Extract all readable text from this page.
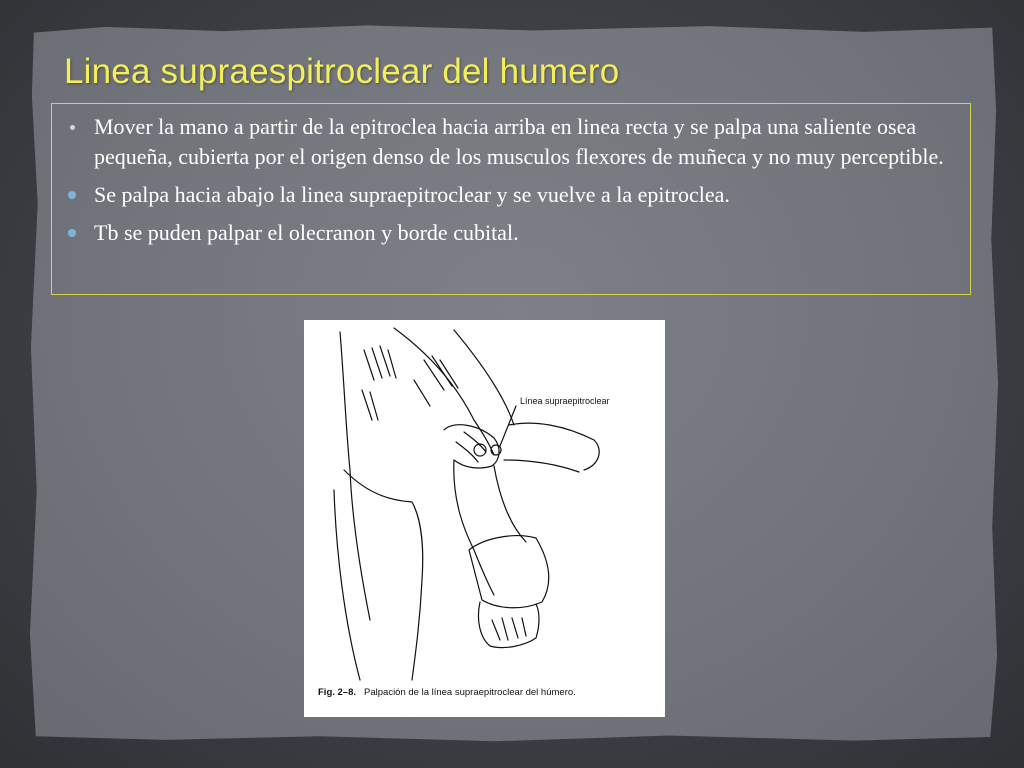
Linea supraespitroclear del humero
Mover la mano a partir de la epitroclea hacia arriba en linea recta y se palpa una saliente osea pequeña, cubierta por el origen denso de los musculos flexores de muñeca y no muy perceptible.
Se palpa hacia abajo la linea supraepitroclear y se vuelve a la epitroclea.
Tb se puden palpar el olecranon y borde cubital.
Línea supraepitroclear
Fig. 2–8. Palpación de la línea supraepitroclear del húmero.
